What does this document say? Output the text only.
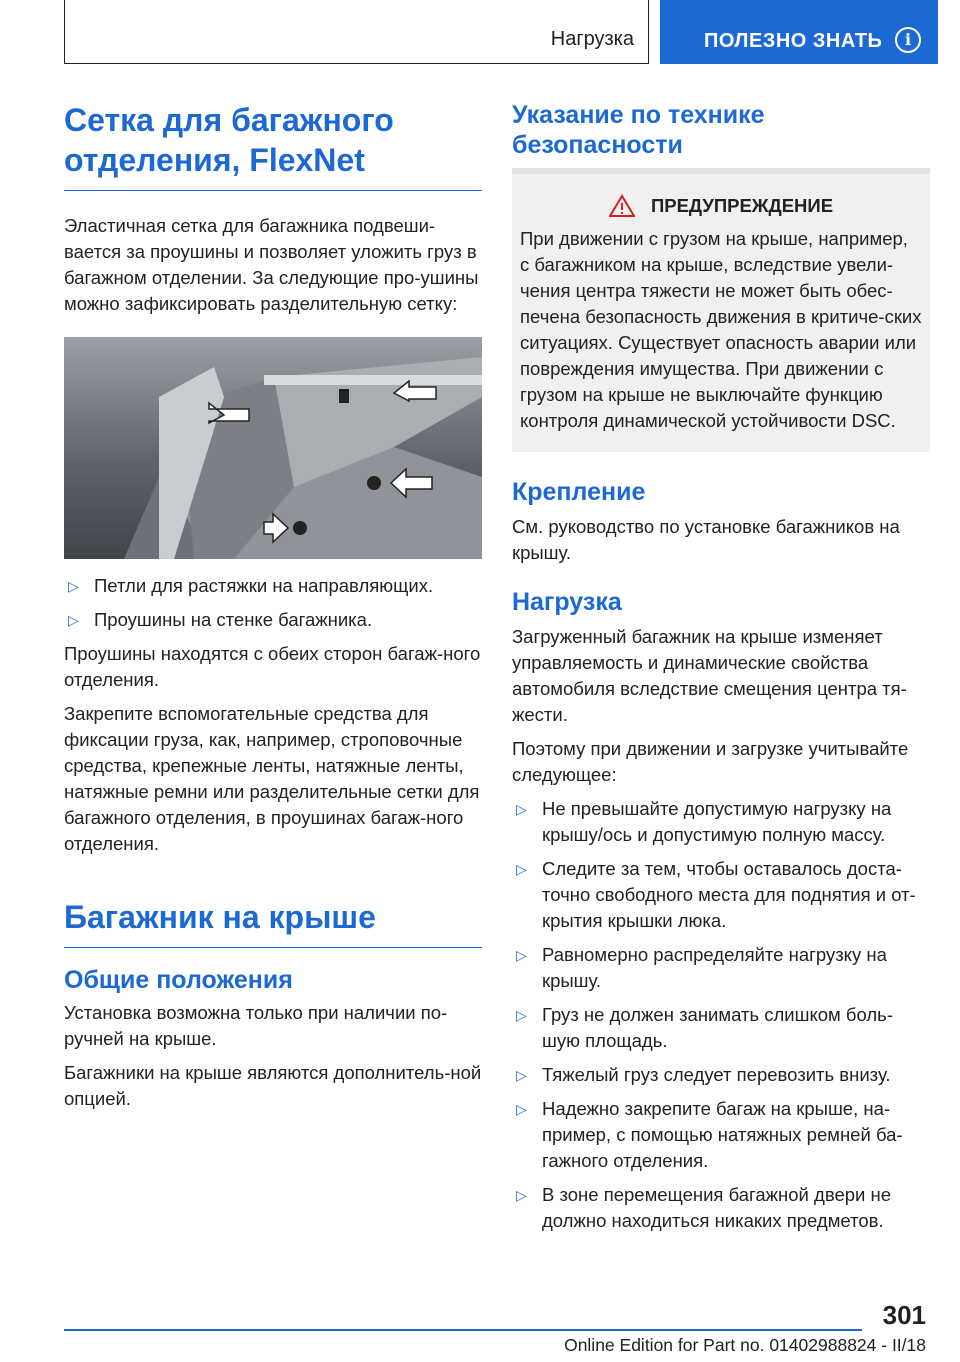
Нагрузка	ПОЛЕЗНО ЗНАТЬ	i
Сетка для багажного отделения, FlexNet

Эластичная сетка для багажника подвеши-вается за проушины и позволяет уложить груз в багажном отделении. За следующие про-ушины можно зафиксировать разделительную сетку:

▷ Петли для растяжки на направляющих.
▷ Проушины на стенке багажника.

Проушины находятся с обеих сторон багаж-ного отделения.

Закрепите вспомогательные средства для фиксации груза, как, например, строповочные средства, крепежные ленты, натяжные ленты, натяжные ремни или разделительные сетки для багажного отделения, в проушинах багаж-ного отделения.

Багажник на крыше
Общие положения

Установка возможна только при наличии по-ручней на крыше.

Багажники на крыше являются дополнитель-ной опцией.

Указание по технике безопасности
ПРЕДУПРЕЖДЕНИЕ

При движении с грузом на крыше, например, с багажником на крыше, вследствие увели-чения центра тяжести не может быть обес-печена безопасность движения в критиче-ских ситуациях. Существует опасность аварии или повреждения имущества. При движении с грузом на крыше не выключайте функцию контроля динамической устойчивости DSC.

Крепление

См. руководство по установке багажников на крышу.

Нагрузка

Загруженный багажник на крыше изменяет управляемость и динамические свойства автомобиля вследствие смещения центра тя-жести.

Поэтому при движении и загрузке учитывайте следующее:

▷ Не превышайте допустимую нагрузку на крышу/ось и допустимую полную массу.
▷ Следите за тем, чтобы оставалось доста-точно свободного места для поднятия и от-крытия крышки люка.
▷ Равномерно распределяйте нагрузку на крышу.
▷ Груз не должен занимать слишком боль-шую площадь.
▷ Тяжелый груз следует перевозить внизу.
▷ Надежно закрепите багаж на крыше, на-пример, с помощью натяжных ремней ба-гажного отделения.
▷ В зоне перемещения багажной двери не должно находиться никаких предметов.
301
Online Edition for Part no. 01402988824 - II/18
